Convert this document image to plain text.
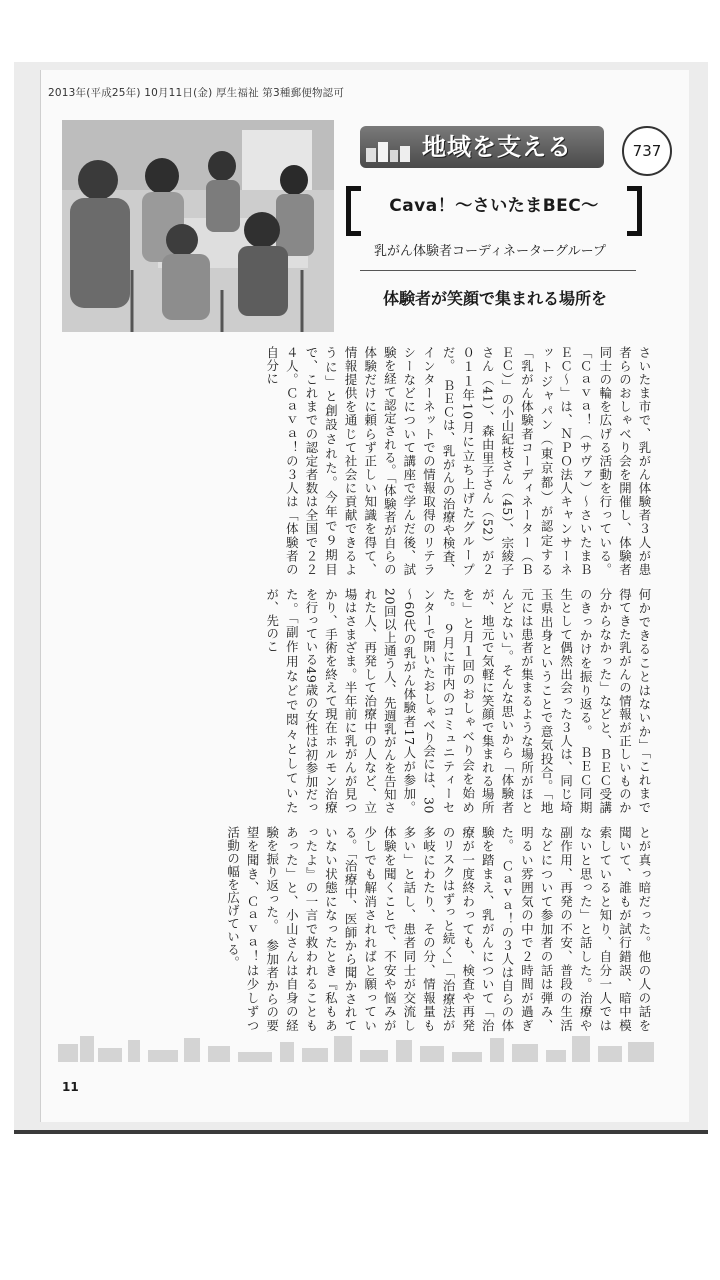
2013年(平成25年) 10月11日(金) 厚生福祉 第3種郵便物認可
地域を支える	737
Cava！～さいたまBEC～
乳がん体験者コーディネーターグループ
体験者が笑顔で集まれる場所を
さいたま市で、乳がん体験者３人が患者らのおしゃべり会を開催し、体験者同士の輪を広げる活動を行っている。「Ｃａｖａ！（サヴァ）～さいたまＢＥＣ～」は、ＮＰＯ法人キャンサーネットジャパン（東京都）が認定する「乳がん体験者コーディネーター（ＢＥＣ）」の小山紀枝さん（45）、宗綾子さん（41）、森由里子さん（52）が２０１１年10月に立ち上げたグループだ。　ＢＥＣは、乳がんの治療や検査、インターネットでの情報取得のリテラシーなどについて講座で学んだ後、試験を経て認定される。「体験者が自らの体験だけに頼らず正しい知識を得て、情報提供を通じて社会に貢献できるように」と創設された。今年で９期目で、これまでの認定者数は全国で２２４人。Ｃａｖａ！の３人は「体験者の自分に
何かできることはないか」「これまで得てきた乳がんの情報が正しいものか分からなかった」などと、ＢＥＣ受講のきっかけを振り返る。　ＢＥＣ同期生として偶然出会った３人は、同じ埼玉県出身ということで意気投合。「地元には患者が集まるような場所がほとんどない」。そんな思いから「体験者が、地元で気軽に笑顔で集まれる場所を」と月１回のおしゃべり会を始めた。　９月に市内のコミュニティーセンターで開いたおしゃべり会には、30～60代の乳がん体験者17人が参加。20回以上通う人、先週乳がんを告知された人、再発して治療中の人など、立場はさまざま。半年前に乳がんが見つかり、手術を終えて現在ホルモン治療を行っている49歳の女性は初参加だった。「副作用などで悶々としていたが、先のこ
とが真っ暗だった。他の人の話を聞いて、誰もが試行錯誤、暗中模索していると知り、自分一人ではないと思った」と話した。治療や副作用、再発の不安、普段の生活などについて参加者の話は弾み、明るい雰囲気の中で２時間が過ぎた。　Ｃａｖａ！の３人は自らの体験を踏まえ、乳がんについて「治療が一度終わっても、検査や再発のリスクはずっと続く」「治療法が多岐にわたり、その分、情報量も多い」と話し、患者同士が交流し体験を聞くことで、不安や悩みが少しでも解消されればと願っている。「治療中、医師から聞かされていない状態になったとき『私もあったよ』の一言で救われることもあった」と、小山さんは自身の経験を振り返った。　参加者からの要望を聞き、Ｃａｖａ！は少しずつ活動の幅を広げている。
11
